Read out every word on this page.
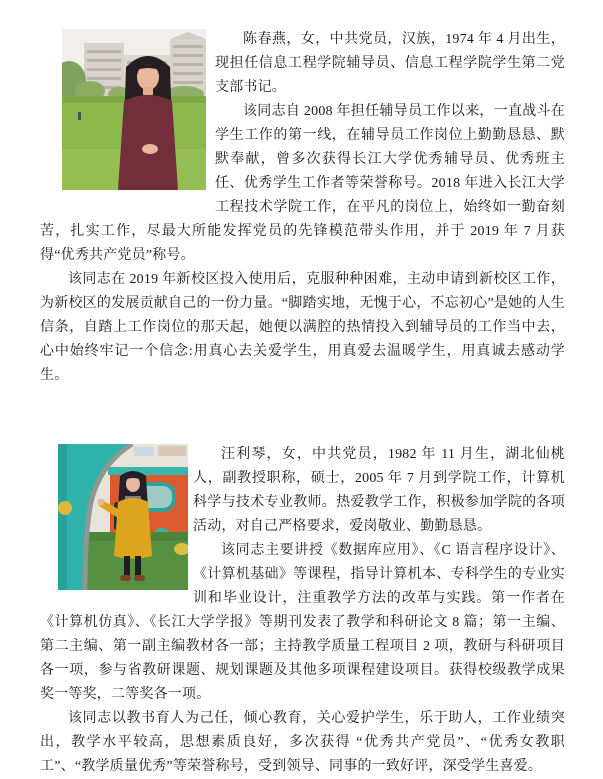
陈春燕，女，中共党员，汉族，1974 年 4 月出生，现担任信息工程学院辅导员、信息工程学院学生第二党支部书记。

该同志自 2008 年担任辅导员工作以来，一直战斗在学生工作的第一线，在辅导员工作岗位上勤勤恳恳、默默奉献，曾多次获得长江大学优秀辅导员、优秀班主任、优秀学生工作者等荣誉称号。2018 年进入长江大学工程技术学院工作，在平凡的岗位上，始终如一勤奋刻苦，扎实工作，尽最大所能发挥党员的先锋模范带头作用，并于 2019 年 7 月获得“优秀共产党员”称号。

该同志在 2019 年新校区投入使用后，克服种种困难，主动申请到新校区工作，为新校区的发展贡献自己的一份力量。“脚踏实地，无愧于心，不忘初心”是她的人生信条，自踏上工作岗位的那天起，她便以满腔的热情投入到辅导员的工作当中去，心中始终牢记一个信念:用真心去关爱学生，用真爱去温暖学生，用真诚去感动学生。

汪利琴，女，中共党员，1982 年 11 月生，湖北仙桃人，副教授职称，硕士，2005 年 7 月到学院工作，计算机科学与技术专业教师。热爱教学工作，积极参加学院的各项活动，对自己严格要求，爱岗敬业、勤勤恳恳。

该同志主要讲授《数据库应用》、《C 语言程序设计》、《计算机基础》等课程，指导计算机本、专科学生的专业实训和毕业设计，注重教学方法的改革与实践。第一作者在《计算机仿真》、《长江大学学报》等期刊发表了教学和科研论文 8 篇；第一主编、第二主编、第一副主编教材各一部；主持教学质量工程项目 2 项，教研与科研项目各一项，参与省教研课题、规划课题及其他多项课程建设项目。获得校级教学成果奖一等奖，二等奖各一项。

该同志以教书育人为己任，倾心教育，关心爱护学生，乐于助人，工作业绩突出，教学水平较高，思想素质良好，多次获得 “优秀共产党员”、“优秀女教职工”、“教学质量优秀”等荣誉称号，受到领导、同事的一致好评，深受学生喜爱。
